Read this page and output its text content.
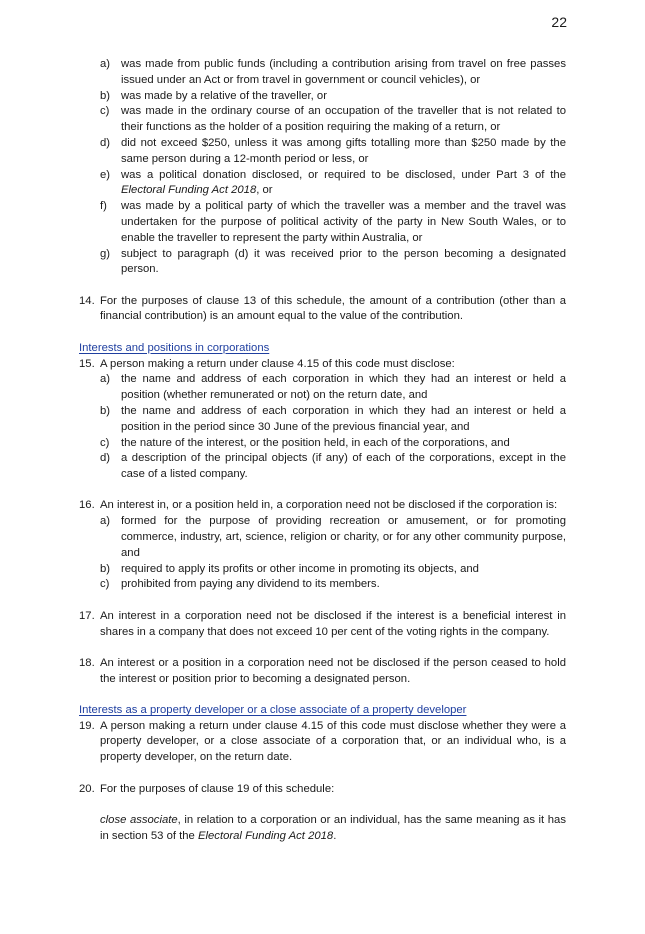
22
a) was made from public funds (including a contribution arising from travel on free passes issued under an Act or from travel in government or council vehicles), or
b) was made by a relative of the traveller, or
c)	was made in the ordinary course of an occupation of the traveller that is not related to their functions as the holder of a position requiring the making of a return, or
d) did not exceed $250, unless it was among gifts totalling more than $250 made by the same person during a 12-month period or less, or
e) was a political donation disclosed, or required to be disclosed, under Part 3 of the Electoral Funding Act 2018, or
f)	was made by a political party of which the traveller was a member and the travel was undertaken for the purpose of political activity of the party in New South Wales, or to enable the traveller to represent the party within Australia, or
g) subject to paragraph (d) it was received prior to the person becoming a designated person.
14. For the purposes of clause 13 of this schedule, the amount of a contribution (other than a financial contribution) is an amount equal to the value of the contribution.
Interests and positions in corporations
15. A person making a return under clause 4.15 of this code must disclose:
a) the name and address of each corporation in which they had an interest or held a position (whether remunerated or not) on the return date, and
b) the name and address of each corporation in which they had an interest or held a position in the period since 30 June of the previous financial year, and
c)	the nature of the interest, or the position held, in each of the corporations, and
d) a description of the principal objects (if any) of each of the corporations, except in the case of a listed company.
16. An interest in, or a position held in, a corporation need not be disclosed if the corporation is:
a) formed for the purpose of providing recreation or amusement, or for promoting commerce, industry, art, science, religion or charity, or for any other community purpose, and
b) required to apply its profits or other income in promoting its objects, and
c)	prohibited from paying any dividend to its members.
17. An interest in a corporation need not be disclosed if the interest is a beneficial interest in shares in a company that does not exceed 10 per cent of the voting rights in the company.
18. An interest or a position in a corporation need not be disclosed if the person ceased to hold the interest or position prior to becoming a designated person.
Interests as a property developer or a close associate of a property developer
19. A person making a return under clause 4.15 of this code must disclose whether they were a property developer, or a close associate of a corporation that, or an individual who, is a property developer, on the return date.
20. For the purposes of clause 19 of this schedule:
close associate, in relation to a corporation or an individual, has the same meaning as it has in section 53 of the Electoral Funding Act 2018.
